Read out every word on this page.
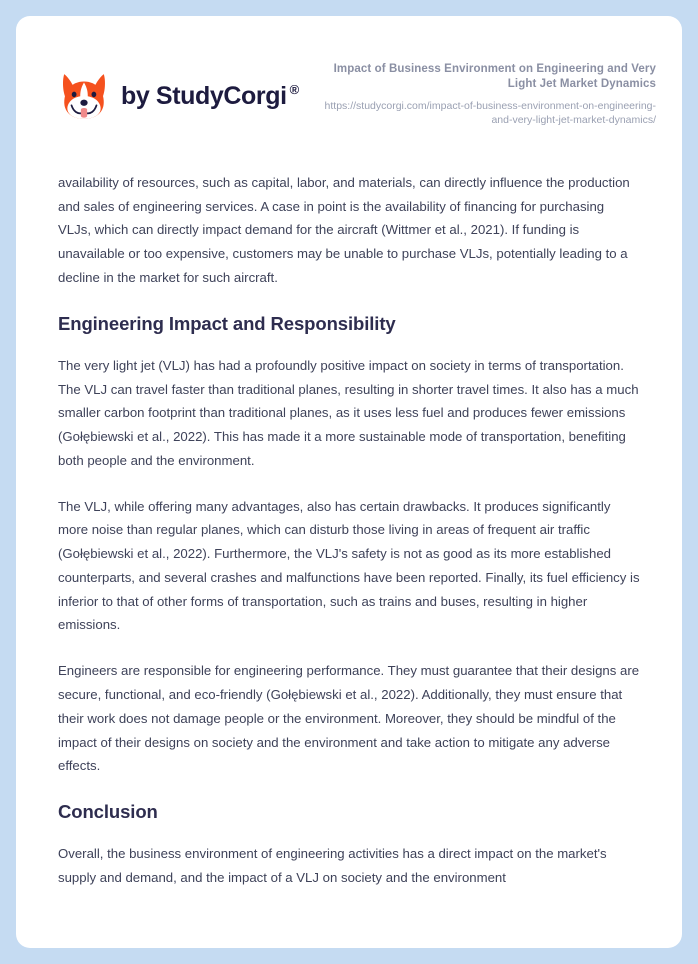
by StudyCorgi ®
Impact of Business Environment on Engineering and Very Light Jet Market Dynamics
https://studycorgi.com/impact-of-business-environment-on-engineering-and-very-light-jet-market-dynamics/

availability of resources, such as capital, labor, and materials, can directly influence the production and sales of engineering services. A case in point is the availability of financing for purchasing VLJs, which can directly impact demand for the aircraft (Wittmer et al., 2021). If funding is unavailable or too expensive, customers may be unable to purchase VLJs, potentially leading to a decline in the market for such aircraft.

Engineering Impact and Responsibility

The very light jet (VLJ) has had a profoundly positive impact on society in terms of transportation. The VLJ can travel faster than traditional planes, resulting in shorter travel times. It also has a much smaller carbon footprint than traditional planes, as it uses less fuel and produces fewer emissions (Gołębiewski et al., 2022). This has made it a more sustainable mode of transportation, benefiting both people and the environment.

The VLJ, while offering many advantages, also has certain drawbacks. It produces significantly more noise than regular planes, which can disturb those living in areas of frequent air traffic (Gołębiewski et al., 2022). Furthermore, the VLJ's safety is not as good as its more established counterparts, and several crashes and malfunctions have been reported. Finally, its fuel efficiency is inferior to that of other forms of transportation, such as trains and buses, resulting in higher emissions.

Engineers are responsible for engineering performance. They must guarantee that their designs are secure, functional, and eco-friendly (Gołębiewski et al., 2022). Additionally, they must ensure that their work does not damage people or the environment. Moreover, they should be mindful of the impact of their designs on society and the environment and take action to mitigate any adverse effects.

Conclusion

Overall, the business environment of engineering activities has a direct impact on the market's supply and demand, and the impact of a VLJ on society and the environment
